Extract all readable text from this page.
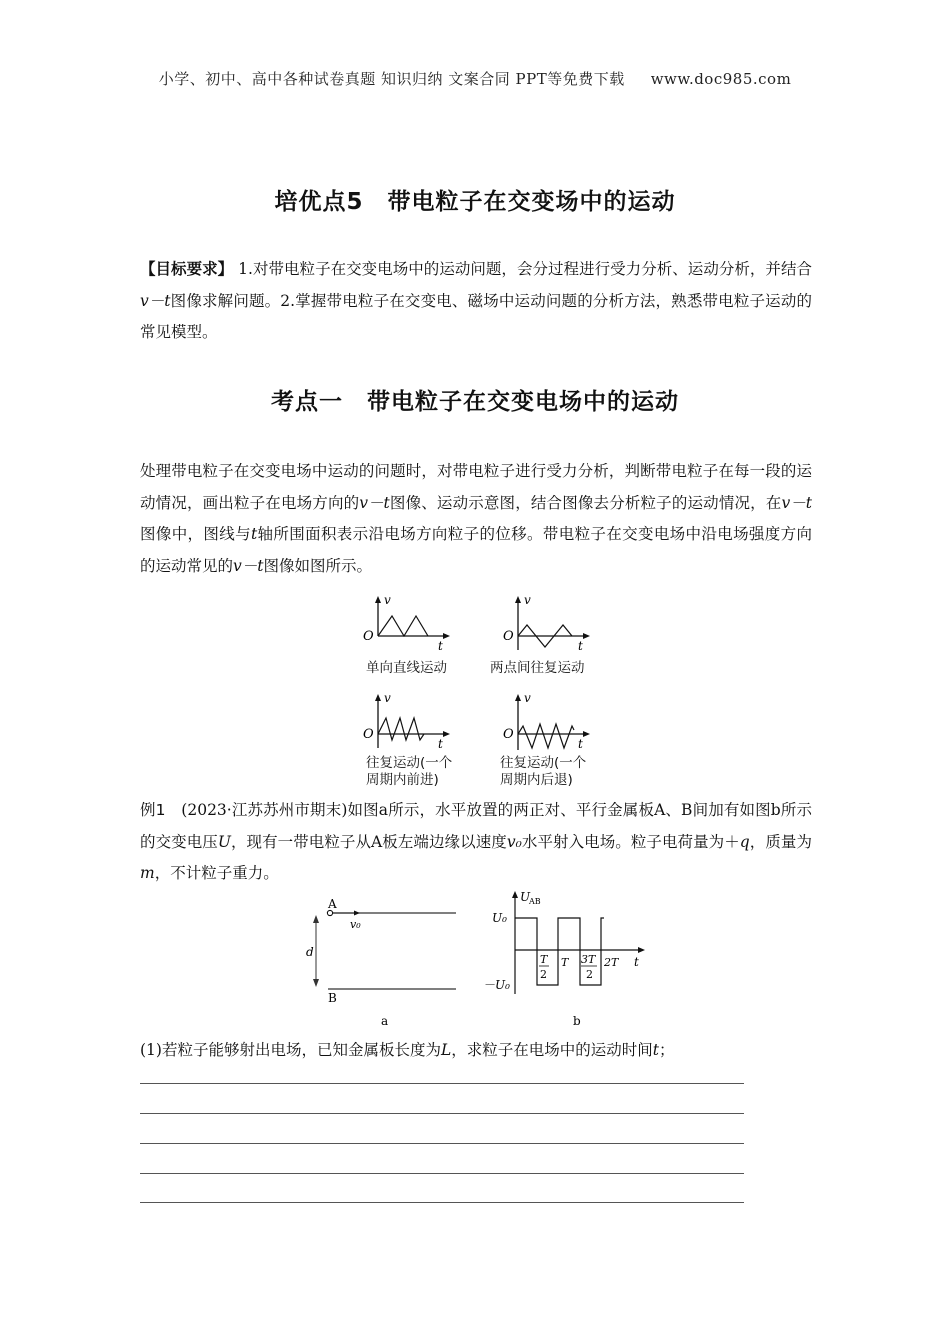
小学、初中、高中各种试卷真题 知识归纳 文案合同 PPT等免费下载 www.doc985.com
培优点5　带电粒子在交变场中的运动

【目标要求】 1.对带电粒子在交变电场中的运动问题，会分过程进行受力分析、运动分析，并结合v－t图像求解问题。2.掌握带电粒子在交变电、磁场中运动问题的分析方法，熟悉带电粒子运动的常见模型。

考点一　带电粒子在交变电场中的运动

处理带电粒子在交变电场中运动的问题时，对带电粒子进行受力分析，判断带电粒子在每一段的运动情况，画出粒子在电场方向的v－t图像、运动示意图，结合图像去分析粒子的运动情况，在v－t图像中，图线与t轴所围面积表示沿电场方向粒子的位移。带电粒子在交变电场中沿电场强度方向的运动常见的v－t图像如图所示。

O
v
t
单向直线运动
O
v
t
两点间往复运动
O
v
t
往复运动(一个
周期内前进)
O
v
t
往复运动(一个
周期内后退)

例1　 (2023·江苏苏州市期末)如图a所示，水平放置的两正对、平行金属板A、B间加有如图b所示的交变电压U，现有一带电粒子从A板左端边缘以速度v₀水平射入电场。粒子电荷量为＋q，质量为m，不计粒子重力。

A
B
d
v₀
a
U
AB
U₀
－U₀
t
T
2
T 3T
2
2T
b

(1)若粒子能够射出电场，已知金属板长度为L，求粒子在电场中的运动时间t；
